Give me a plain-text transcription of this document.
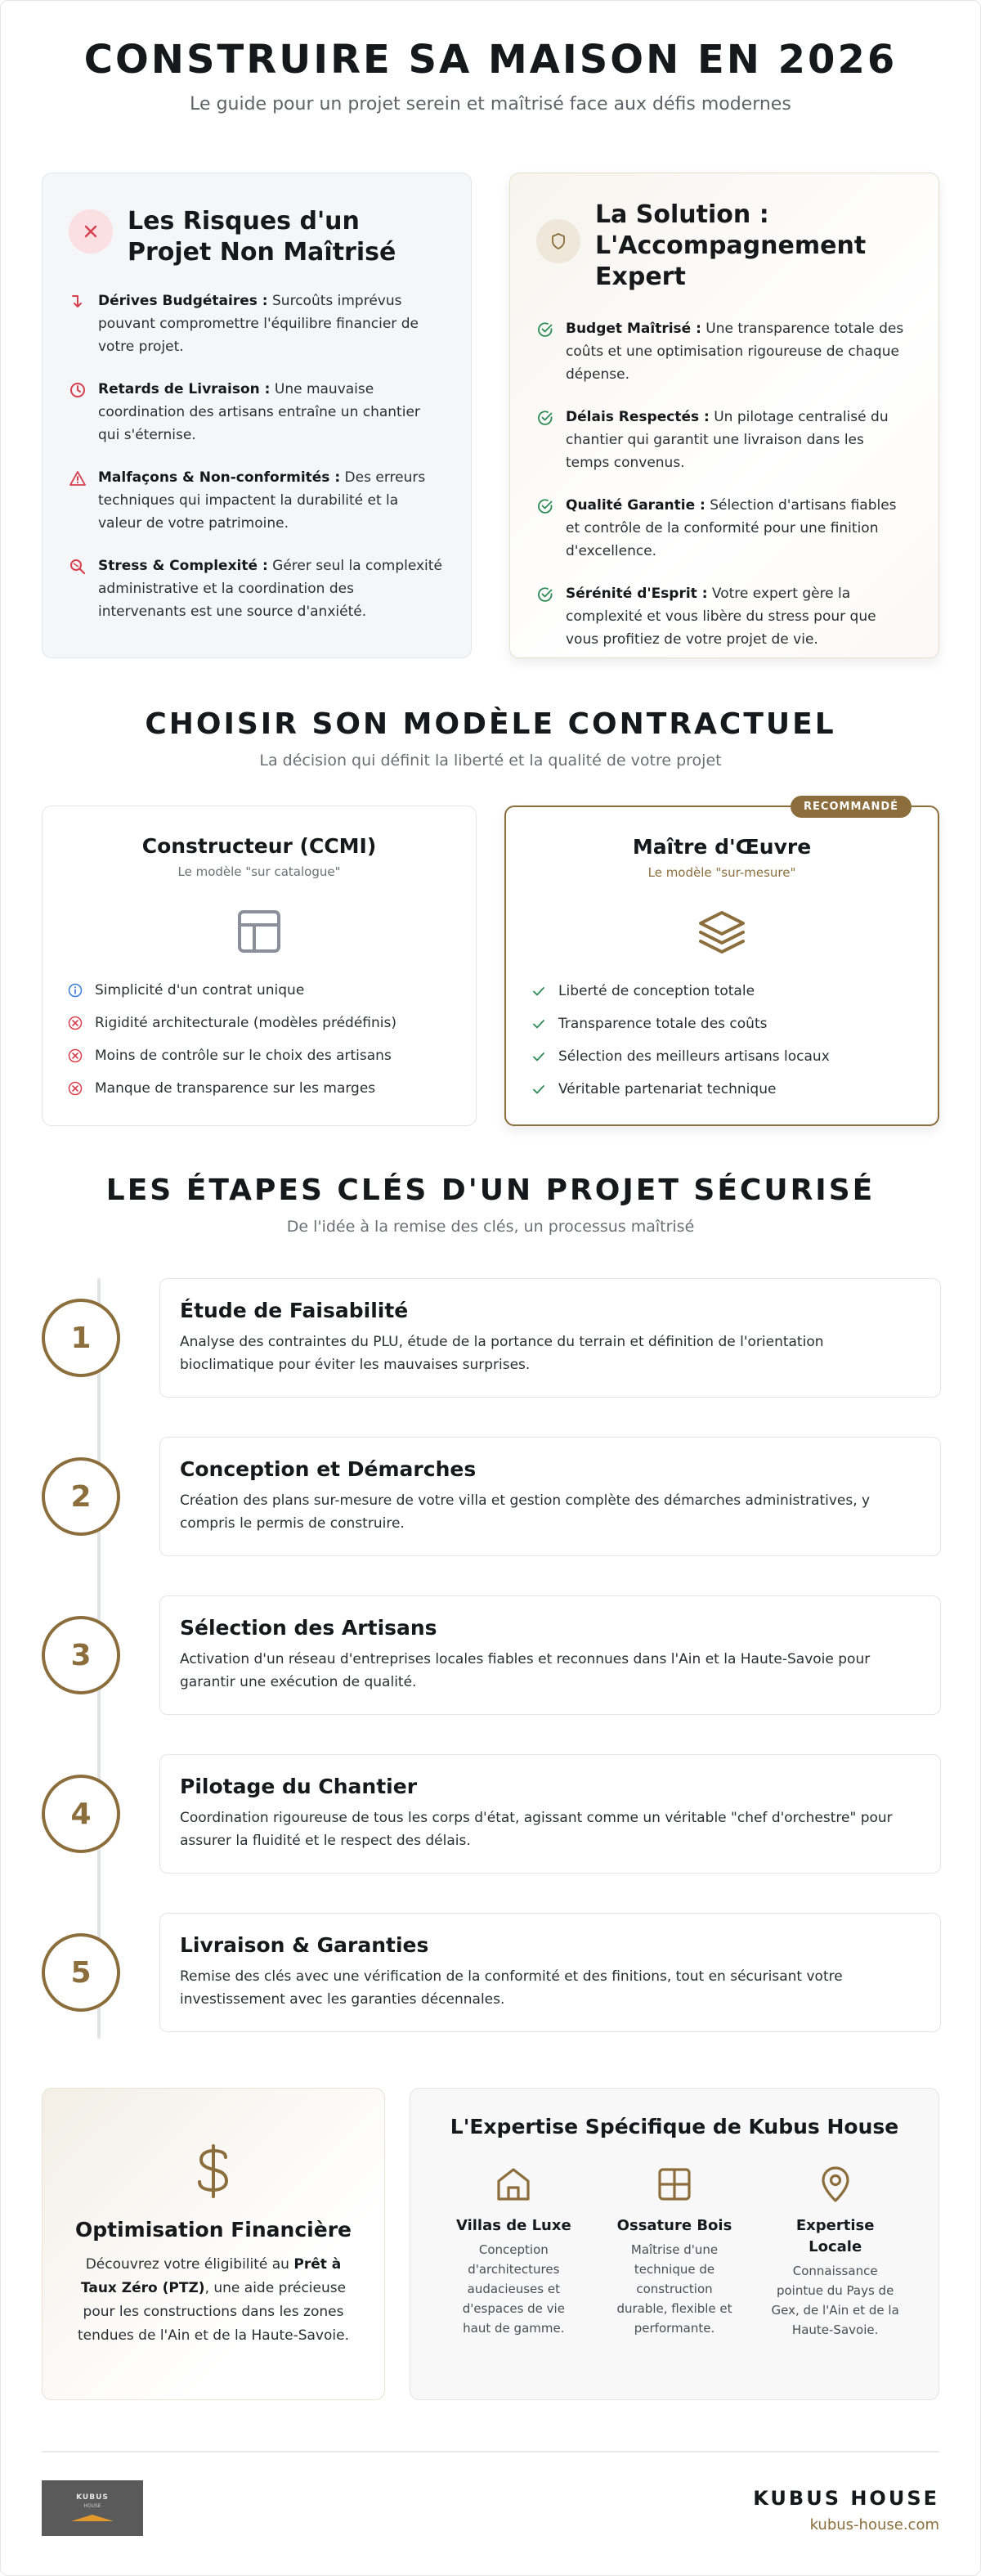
CONSTRUIRE SA MAISON EN 2026

Le guide pour un projet serein et maîtrisé face aux défis modernes

Les Risques d'un Projet Non Maîtrisé
Dérives Budgétaires : Surcoûts imprévus pouvant compromettre l'équilibre financier de votre projet.
Retards de Livraison : Une mauvaise coordination des artisans entraîne un chantier qui s'éternise.
Malfaçons & Non-conformités : Des erreurs techniques qui impactent la durabilité et la valeur de votre patrimoine.
Stress & Complexité : Gérer seul la complexité administrative et la coordination des intervenants est une source d'anxiété.
La Solution : L'Accompagnement Expert
Budget Maîtrisé : Une transparence totale des coûts et une optimisation rigoureuse de chaque dépense.
Délais Respectés : Un pilotage centralisé du chantier qui garantit une livraison dans les temps convenus.
Qualité Garantie : Sélection d'artisans fiables et contrôle de la conformité pour une finition d'excellence.
Sérénité d'Esprit : Votre expert gère la complexité et vous libère du stress pour que vous profitiez de votre projet de vie.
CHOISIR SON MODÈLE CONTRACTUEL
La décision qui définit la liberté et la qualité de votre projet
Constructeur (CCMI)
Le modèle "sur catalogue"
Simplicité d'un contrat unique
Rigidité architecturale (modèles prédéfinis)
Moins de contrôle sur le choix des artisans
Manque de transparence sur les marges
RECOMMANDÉ
Maître d'Œuvre
Le modèle "sur-mesure"
Liberté de conception totale
Transparence totale des coûts
Sélection des meilleurs artisans locaux
Véritable partenariat technique
LES ÉTAPES CLÉS D'UN PROJET SÉCURISÉ
De l'idée à la remise des clés, un processus maîtrisé
1
Étude de Faisabilité

Analyse des contraintes du PLU, étude de la portance du terrain et définition de l'orientation bioclimatique pour éviter les mauvaises surprises.

2
Conception et Démarches

Création des plans sur-mesure de votre villa et gestion complète des démarches administratives, y compris le permis de construire.

3
Sélection des Artisans

Activation d'un réseau d'entreprises locales fiables et reconnues dans l'Ain et la Haute-Savoie pour garantir une exécution de qualité.

4
Pilotage du Chantier

Coordination rigoureuse de tous les corps d'état, agissant comme un véritable "chef d'orchestre" pour assurer la fluidité et le respect des délais.

5
Livraison & Garanties

Remise des clés avec une vérification de la conformité et des finitions, tout en sécurisant votre investissement avec les garanties décennales.

Optimisation Financière

Découvrez votre éligibilité au Prêt à Taux Zéro (PTZ), une aide précieuse pour les constructions dans les zones tendues de l'Ain et de la Haute-Savoie.

L'Expertise Spécifique de Kubus House
Villas de Luxe

Conception d'architectures audacieuses et d'espaces de vie haut de gamme.

Ossature Bois

Maîtrise d'une technique de construction durable, flexible et performante.

Expertise Locale

Connaissance pointue du Pays de Gex, de l'Ain et de la Haute-Savoie.

KUBUS
HOUSE	KUBUS HOUSE
kubus-house.com
